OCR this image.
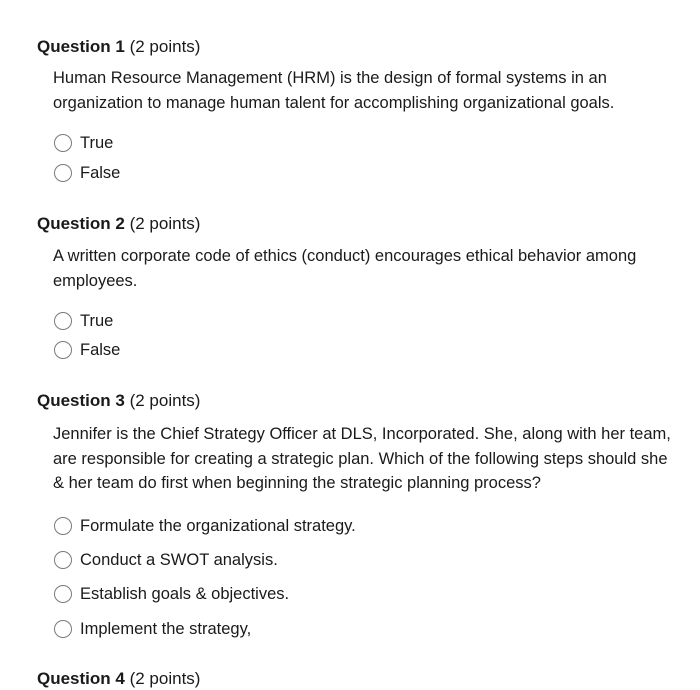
Question 1 (2 points)

Human Resource Management (HRM) is the design of formal systems in an organization to manage human talent for accomplishing organizational goals.

True
False

Question 2 (2 points)

A written corporate code of ethics (conduct) encourages ethical behavior among employees.

True
False

Question 3 (2 points)

Jennifer is the Chief Strategy Officer at DLS, Incorporated. She, along with her team, are responsible for creating a strategic plan. Which of the following steps should she & her team do first when beginning the strategic planning process?

Formulate the organizational strategy.
Conduct a SWOT analysis.
Establish goals & objectives.
Implement the strategy,
Question 4 (2 points)
